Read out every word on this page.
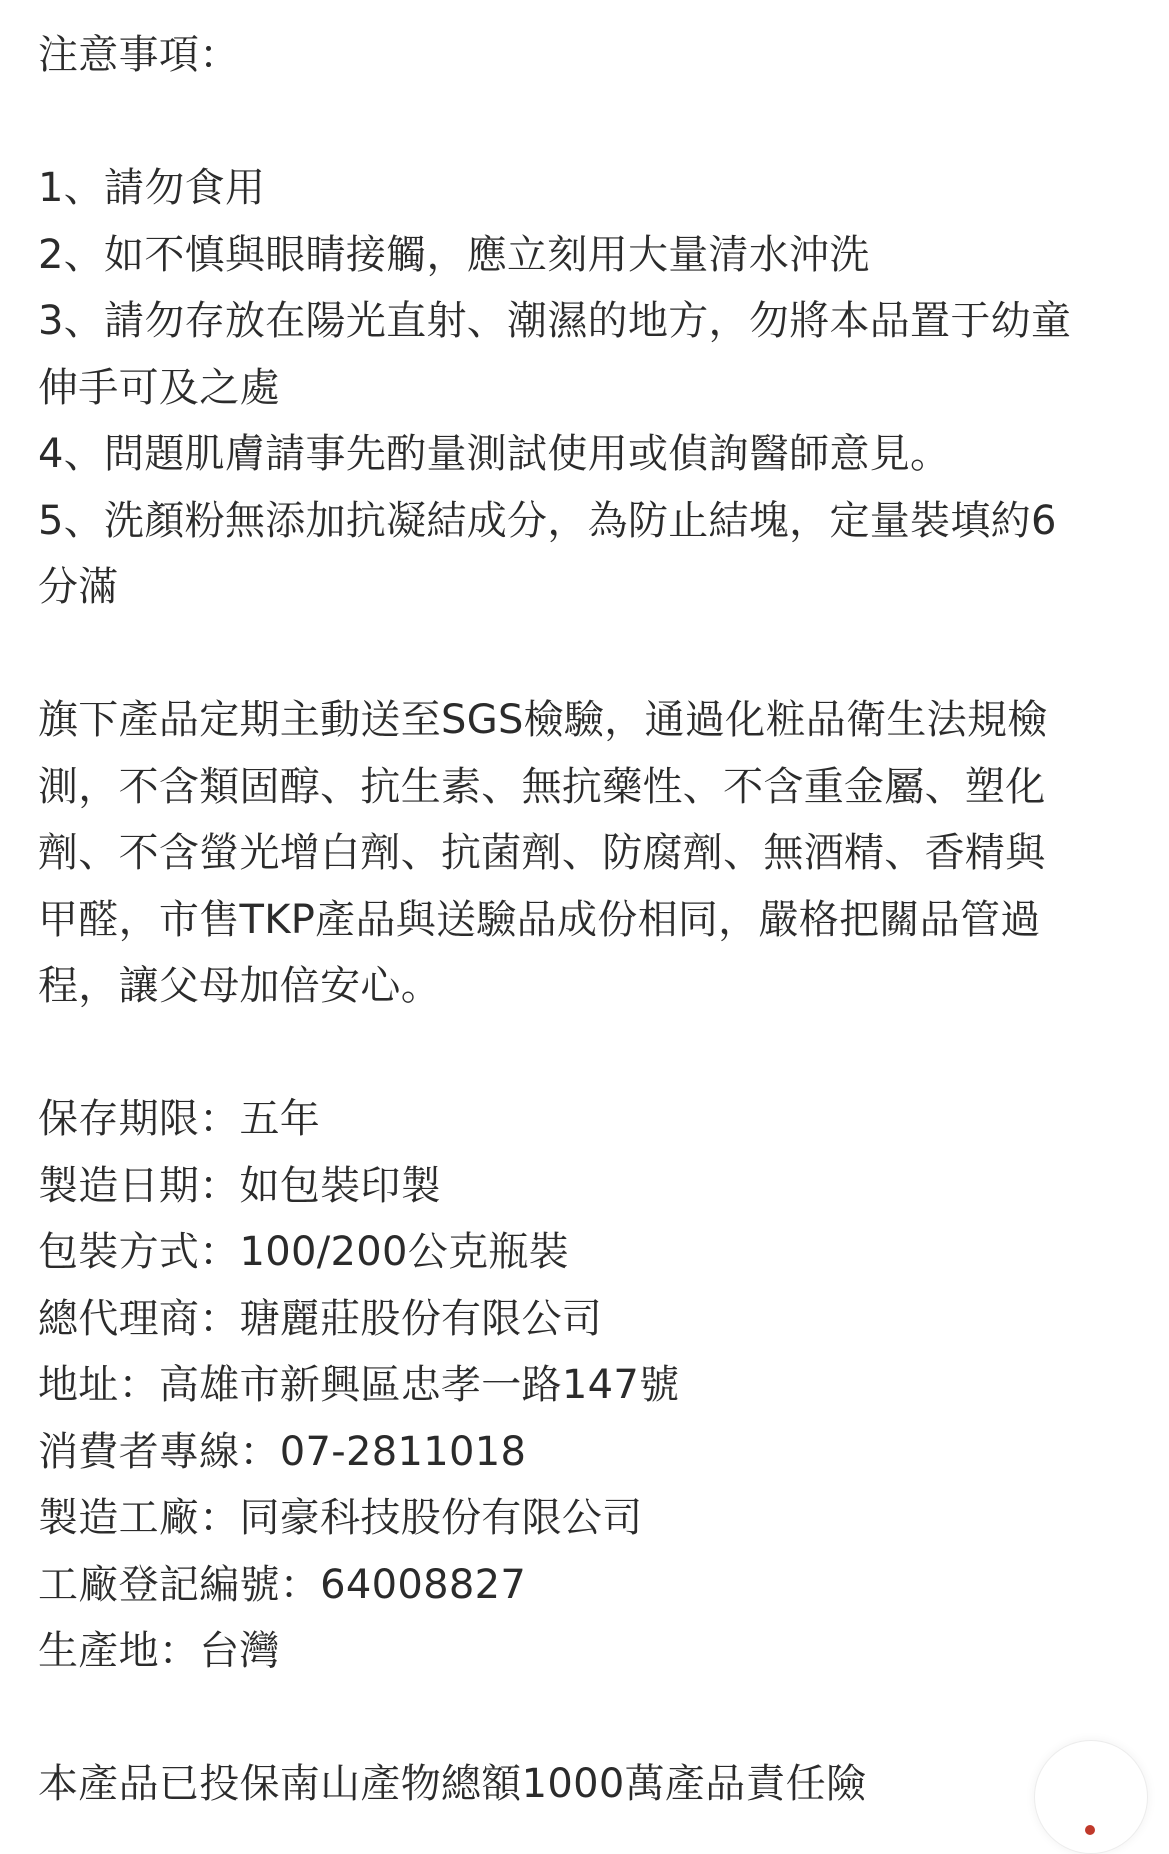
注意事項：
1、請勿食用
2、如不慎與眼睛接觸，應立刻用大量清水沖洗
3、請勿存放在陽光直射、潮濕的地方，勿將本品置于幼童
伸手可及之處
4、問題肌膚請事先酌量測試使用或偵詢醫師意見。
5、洗顏粉無添加抗凝結成分，為防止結塊，定量裝填約6
分滿
旗下產品定期主動送至SGS檢驗，通過化粧品衛生法規檢
測，不含類固醇、抗生素、無抗藥性、不含重金屬、塑化
劑、不含螢光增白劑、抗菌劑、防腐劑、無酒精、香精與
甲醛，市售TKP產品與送驗品成份相同，嚴格把關品管過
程，讓父母加倍安心。
保存期限：五年
製造日期：如包裝印製
包裝方式：100/200公克瓶裝
總代理商：瑭麗莊股份有限公司
地址：高雄市新興區忠孝一路147號
消費者專線：07-2811018
製造工廠：同豪科技股份有限公司
工廠登記編號：64008827
生產地：台灣
本產品已投保南山產物總額1000萬產品責任險
